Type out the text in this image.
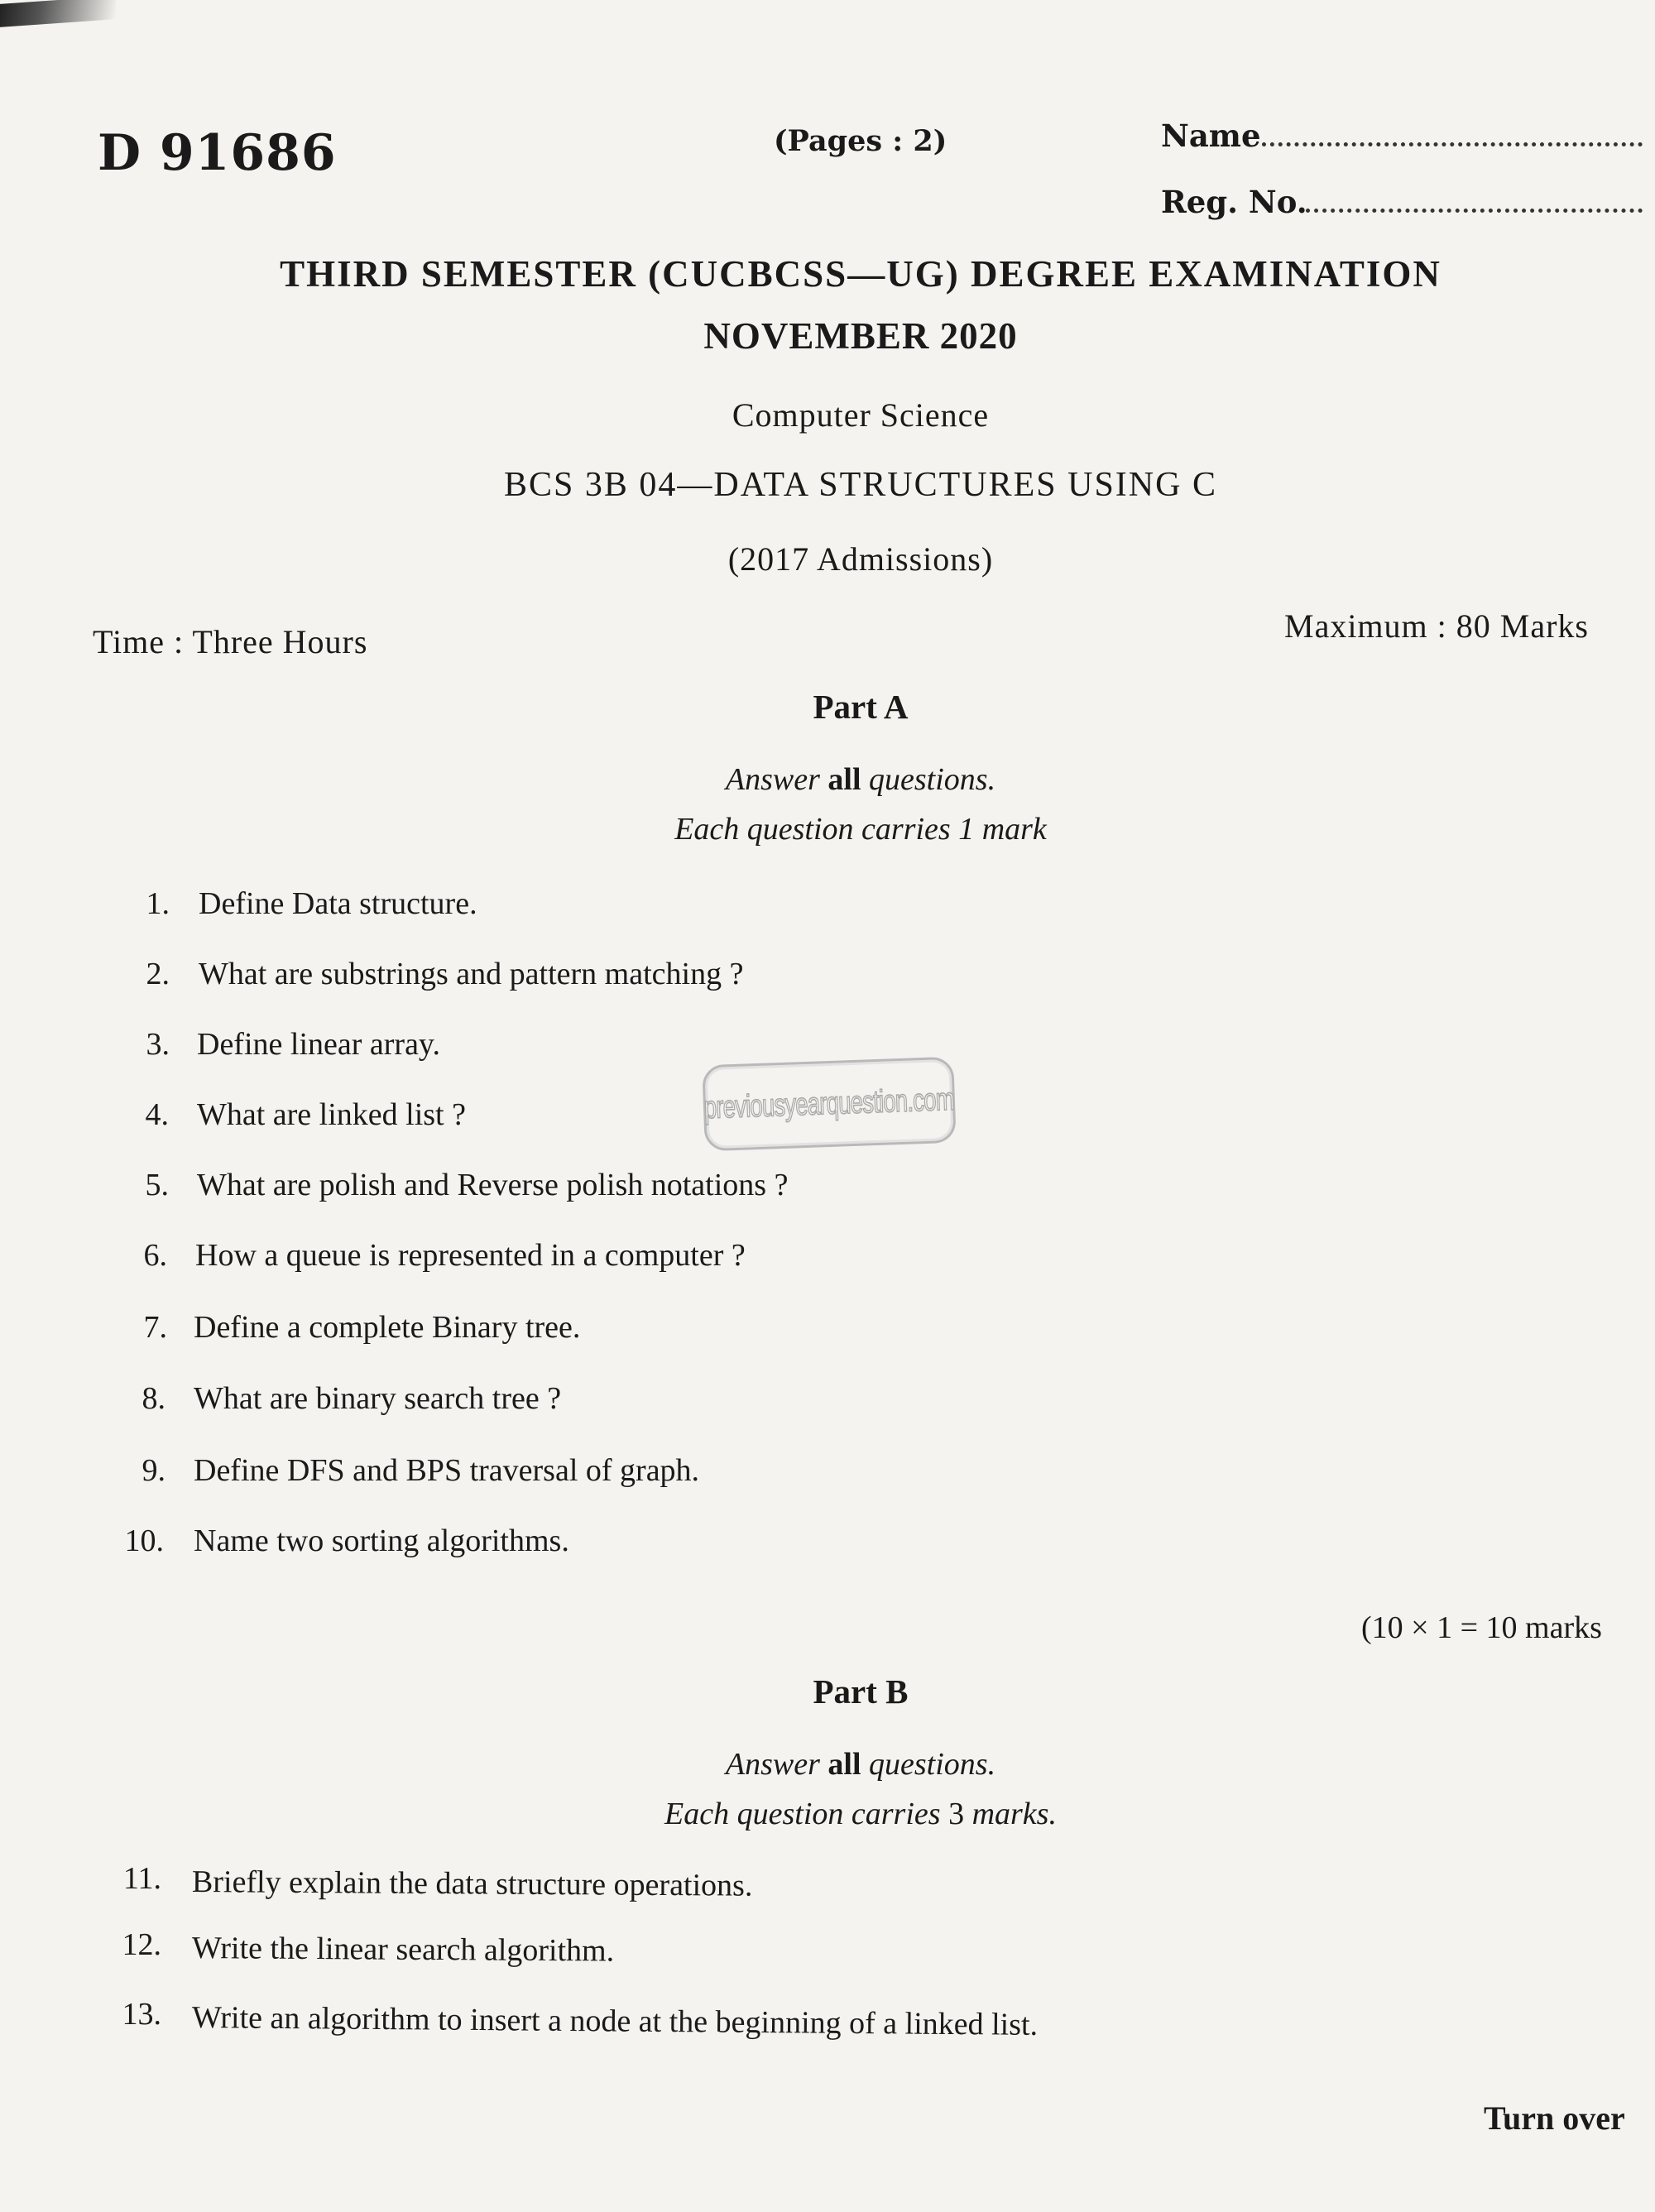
D 91686	(Pages : 2)	Name
Reg. No.
THIRD SEMESTER (CUCBCSS—UG) DEGREE EXAMINATION
NOVEMBER 2020
Computer Science
BCS 3B 04—DATA STRUCTURES USING C
(2017 Admissions)
Time : Three Hours	Maximum : 80 Marks
Part A
Answer all questions.
Each question carries 1 mark
1. Define Data structure.
2. What are substrings and pattern matching ?
3. Define linear array.
4. What are linked list ?
5. What are polish and Reverse polish notations ?
6. How a queue is represented in a computer ?
7. Define a complete Binary tree.
8. What are binary search tree ?
9. Define DFS and BPS traversal of graph.
10. Name two sorting algorithms.
(10 × 1 = 10 marks
Part B
Answer all questions.
Each question carries 3 marks.
11. Briefly explain the data structure operations.
12. Write the linear search algorithm.
13. Write an algorithm to insert a node at the beginning of a linked list.
Turn over
previousyearquestion.com
